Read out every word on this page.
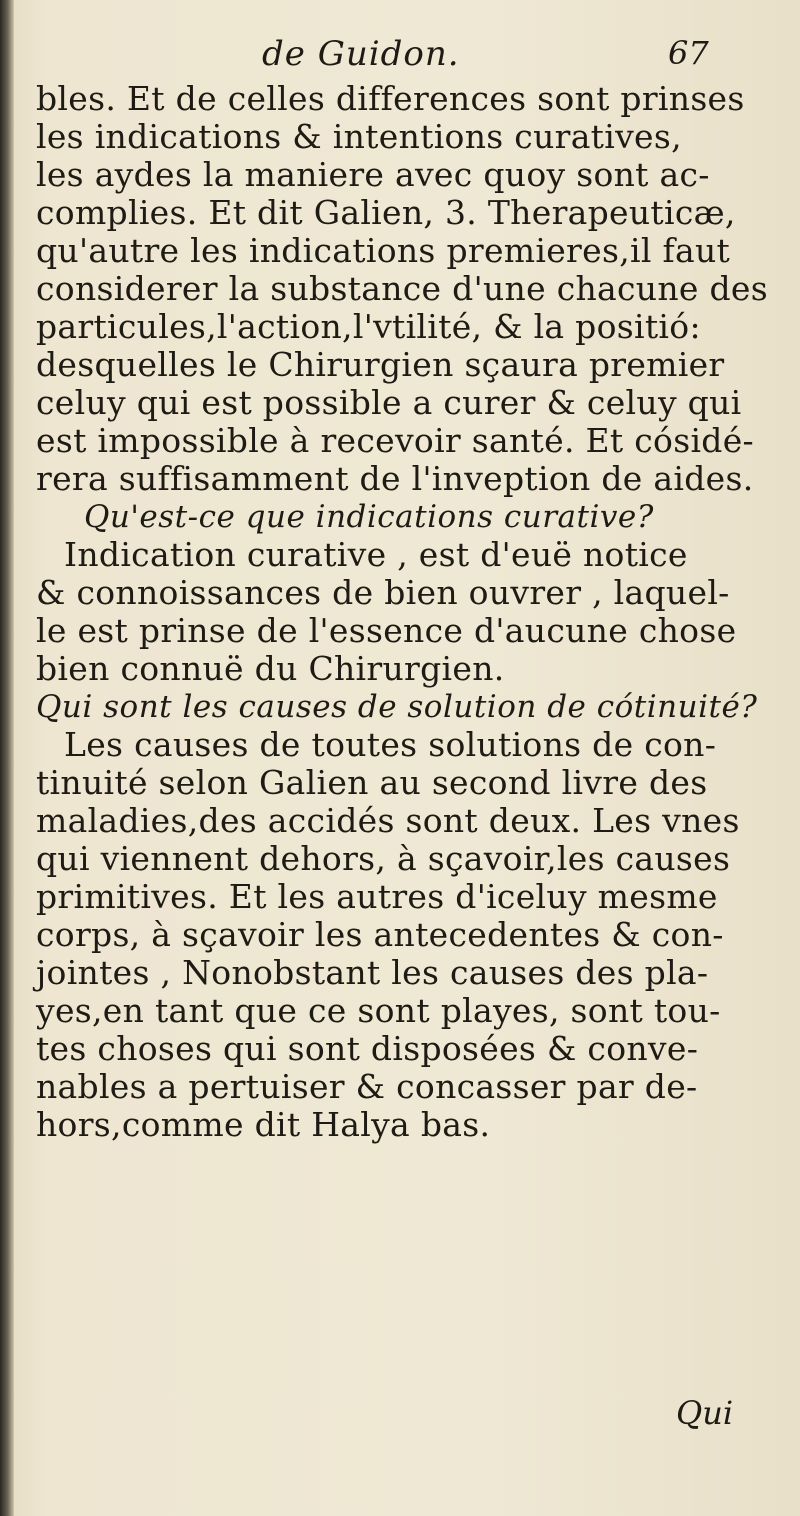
de Guidon.	67
bles. Et de celles differences sont prinses
les indications & intentions curatives,
les aydes la maniere avec quoy sont ac-
complies. Et dit Galien, 3. Therapeuticæ,
qu'autre les indications premieres,il faut
considerer la substance d'une chacune des
particules,l'action,l'vtilité, & la positió:
desquelles le Chirurgien sçaura premier
celuy qui est possible a curer & celuy qui
est impossible à recevoir santé. Et cósidé-
rera suffisamment de l'inveption de aides.
Qu'est-ce que indications curative?
Indication curative , est d'euë notice
& connoissances de bien ouvrer , laquel-
le est prinse de l'essence d'aucune chose
bien connuë du Chirurgien.
Qui sont les causes de solution de cótinuité?
Les causes de toutes solutions de con-
tinuité selon Galien au second livre des
maladies,des accidés sont deux. Les vnes
qui viennent dehors, à sçavoir,les causes
primitives. Et les autres d'iceluy mesme
corps, à sçavoir les antecedentes & con-
jointes , Nonobstant les causes des pla-
yes,en tant que ce sont playes, sont tou-
tes choses qui sont disposées & conve-
nables a pertuiser & concasser par de-
hors,comme dit Halya bas.
Qui
